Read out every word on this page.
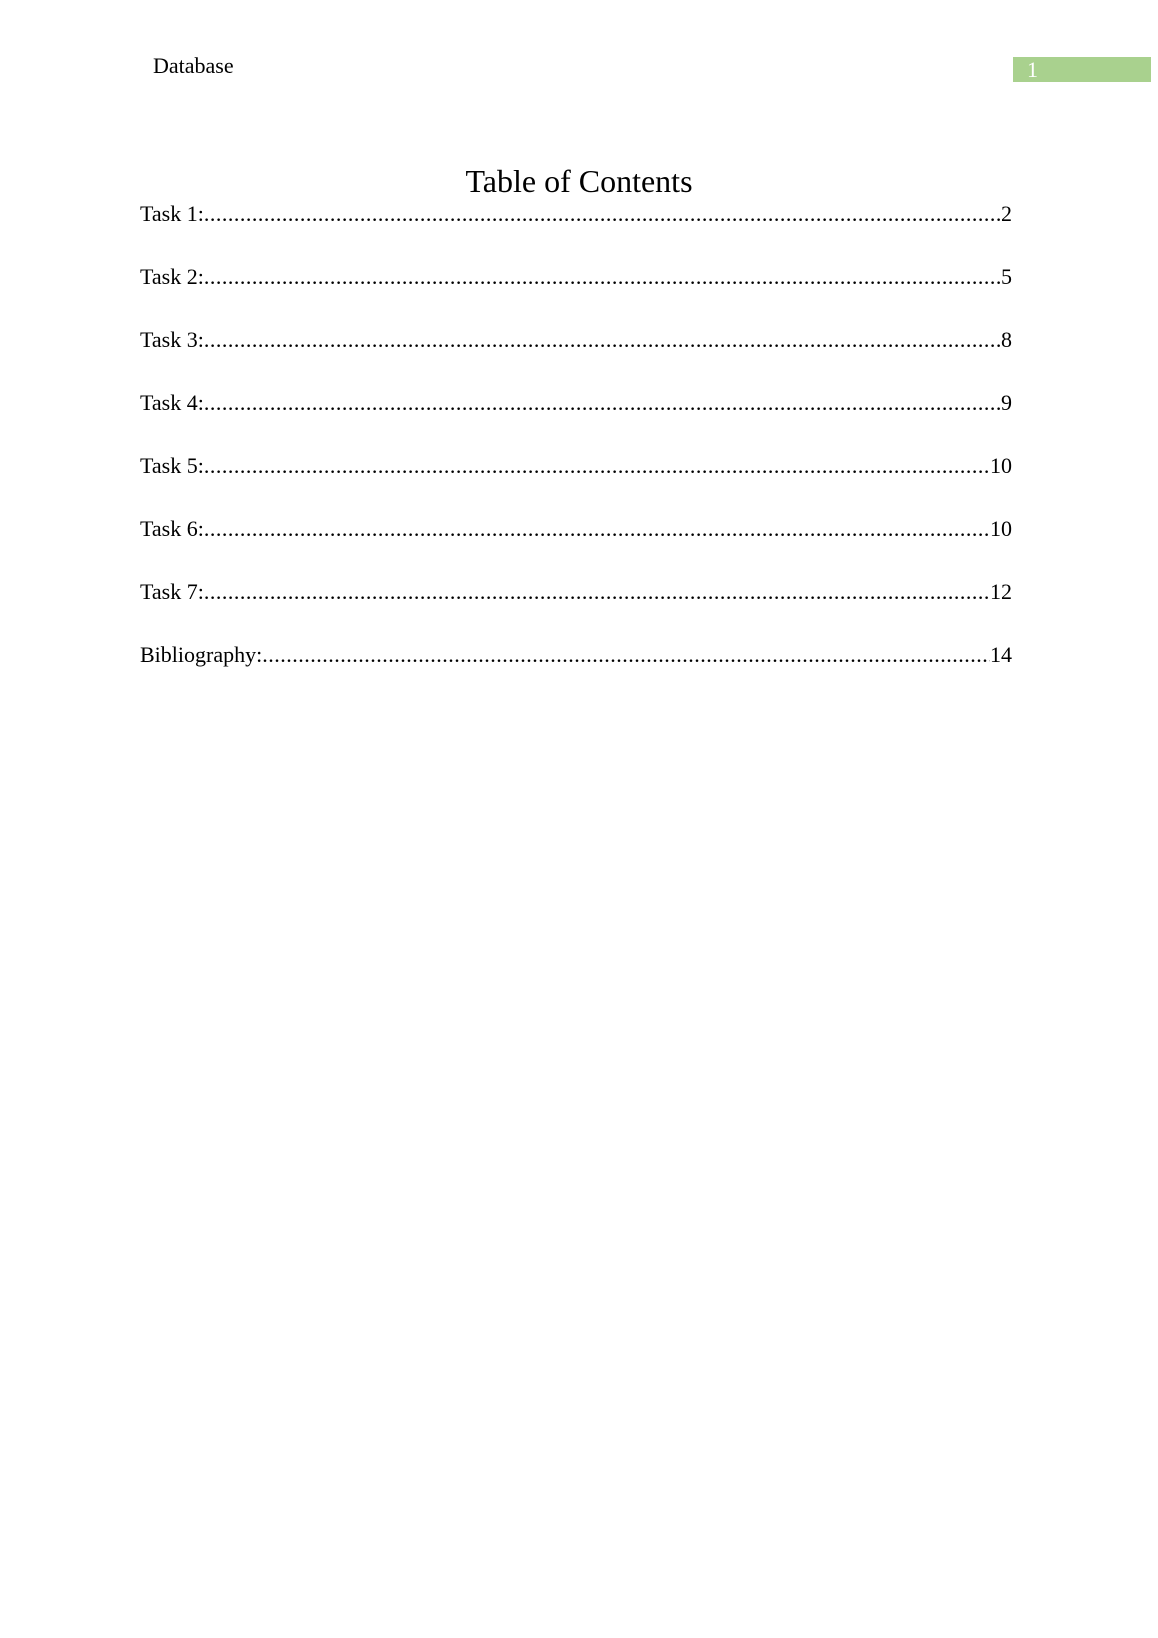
Database	1
Table of Contents
Task 1: .....	2
Task 2: .....	5
Task 3: .....	8
Task 4: .....	9
Task 5: .....	10
Task 6: .....	10
Task 7: .....	12
Bibliography: .....	14
